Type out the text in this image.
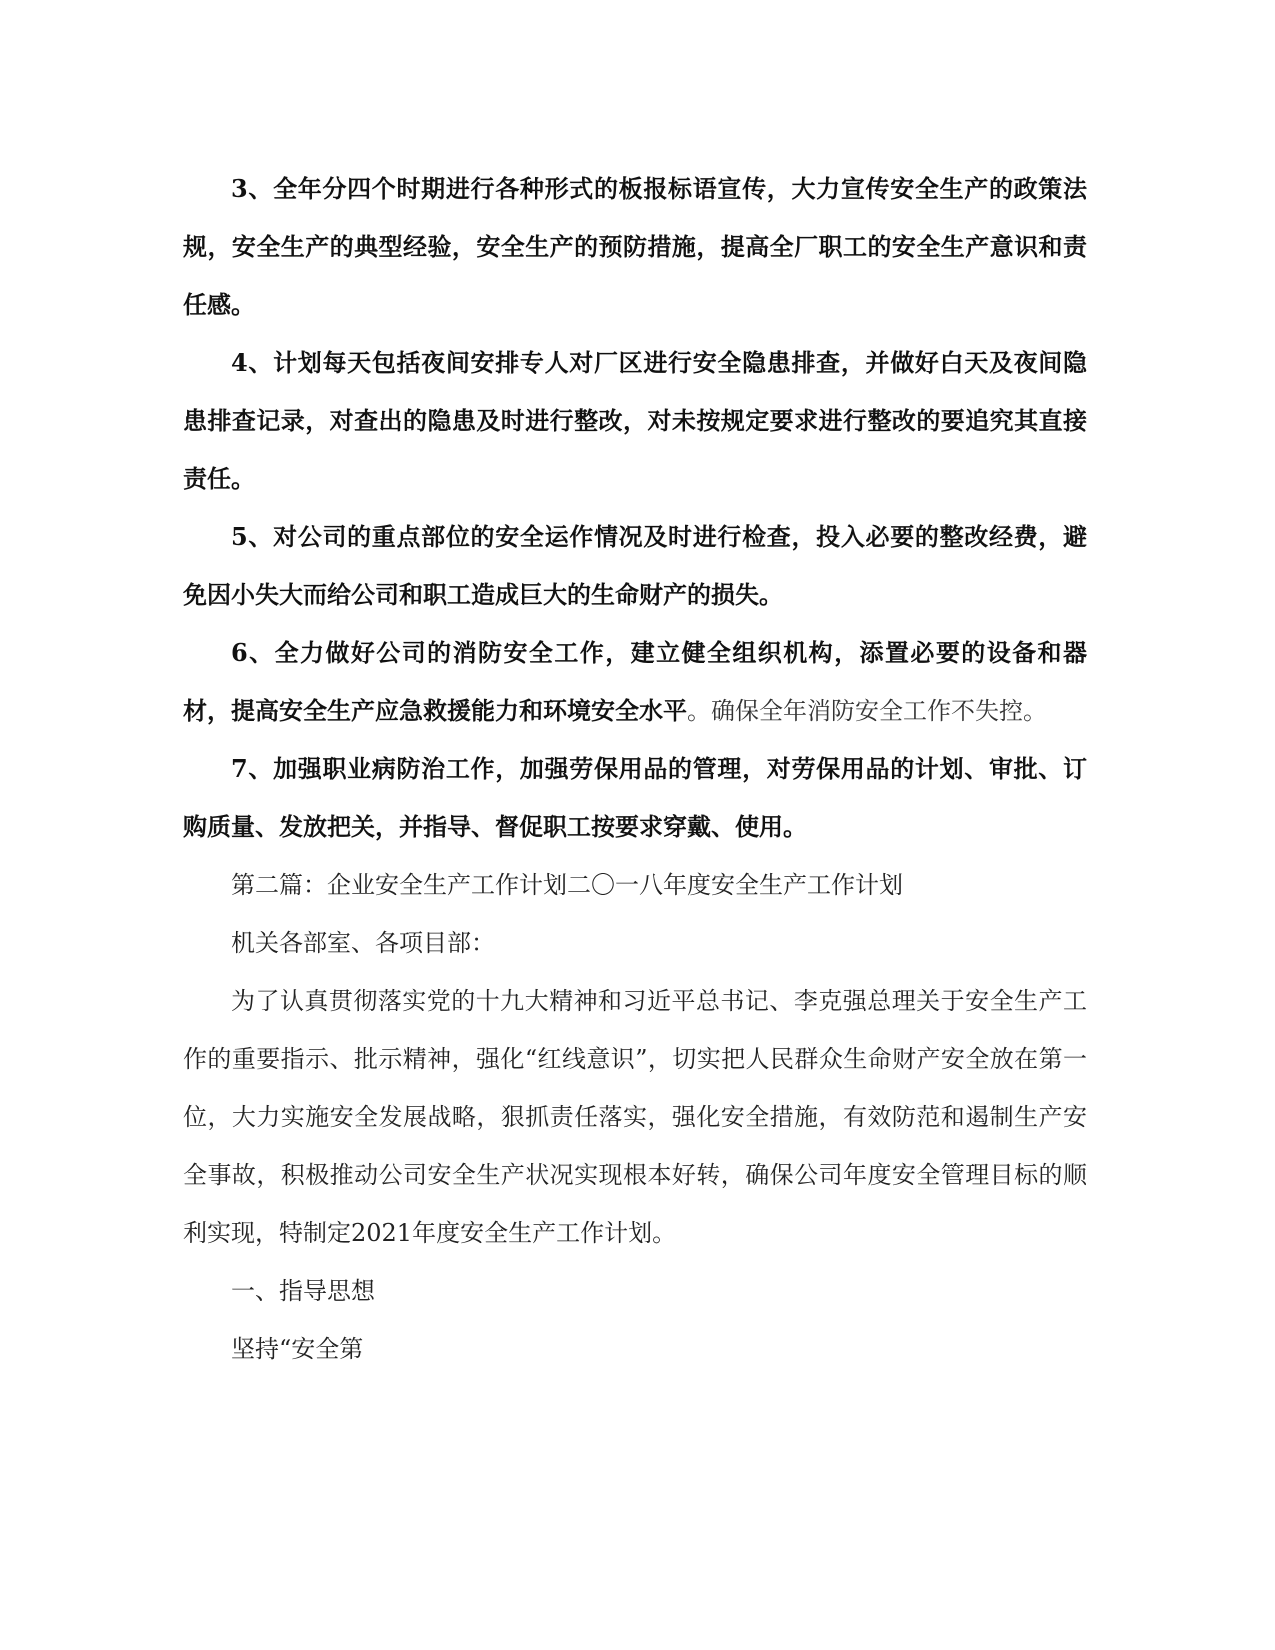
3、全年分四个时期进行各种形式的板报标语宣传，大力宣传安全生产的政策法规，安全生产的典型经验，安全生产的预防措施，提高全厂职工的安全生产意识和责任感。

4、计划每天包括夜间安排专人对厂区进行安全隐患排查，并做好白天及夜间隐患排查记录，对查出的隐患及时进行整改，对未按规定要求进行整改的要追究其直接责任。

5、对公司的重点部位的安全运作情况及时进行检查，投入必要的整改经费，避免因小失大而给公司和职工造成巨大的生命财产的损失。

6、全力做好公司的消防安全工作，建立健全组织机构，添置必要的设备和器材，提高安全生产应急救援能力和环境安全水平。确保全年消防安全工作不失控。

7、加强职业病防治工作，加强劳保用品的管理，对劳保用品的计划、审批、订购质量、发放把关，并指导、督促职工按要求穿戴、使用。

第二篇：企业安全生产工作计划二〇一八年度安全生产工作计划

机关各部室、各项目部：

为了认真贯彻落实党的十九大精神和习近平总书记、李克强总理关于安全生产工作的重要指示、批示精神，强化“红线意识”，切实把人民群众生命财产安全放在第一位，大力实施安全发展战略，狠抓责任落实，强化安全措施，有效防范和遏制生产安全事故，积极推动公司安全生产状况实现根本好转，确保公司年度安全管理目标的顺利实现，特制定2021年度安全生产工作计划。

一、指导思想

坚持“安全第
